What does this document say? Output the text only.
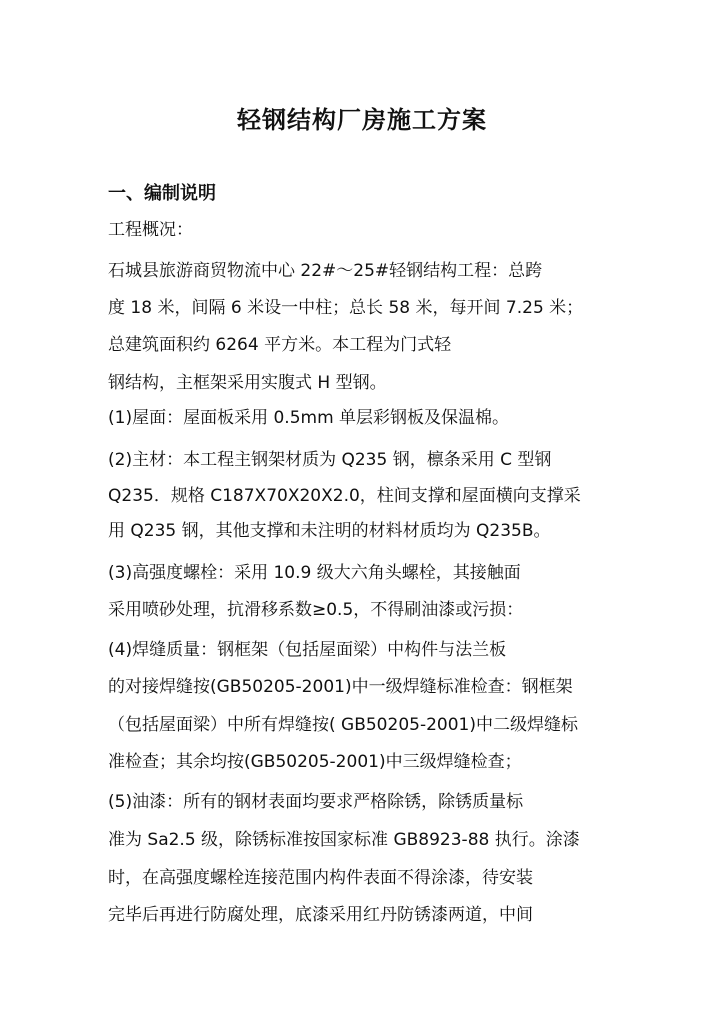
轻钢结构厂房施工方案
一、编制说明

工程概况：

石城县旅游商贸物流中心 22#～25#轻钢结构工程：总跨

度 18 米，间隔 6 米设一中柱；总长 58 米，每开间 7.25 米；

总建筑面积约 6264 平方米。本工程为门式轻

钢结构，主框架采用实腹式 H 型钢。

(1)屋面：屋面板采用 0.5mm 单层彩钢板及保温棉。

(2)主材：本工程主钢架材质为 Q235 钢，檩条采用 C 型钢

Q235．规格 C187X70X20X2.0，柱间支撑和屋面横向支撑采

用 Q235 钢，其他支撑和未注明的材料材质均为 Q235B。

(3)高强度螺栓：采用 10.9 级大六角头螺栓，其接触面

采用喷砂处理，抗滑移系数≥0.5，不得刷油漆或污损：

(4)焊缝质量：钢框架（包括屋面梁）中构件与法兰板

的对接焊缝按(GB50205-2001)中一级焊缝标准检查：钢框架

（包括屋面梁）中所有焊缝按( GB50205-2001)中二级焊缝标

准检查；其余均按(GB50205-2001)中三级焊缝检查；

(5)油漆：所有的钢材表面均要求严格除锈，除锈质量标

准为 Sa2.5 级，除锈标准按国家标准 GB8923-88 执行。涂漆

时，在高强度螺栓连接范围内构件表面不得涂漆，待安装

完毕后再进行防腐处理，底漆采用红丹防锈漆两道，中间
